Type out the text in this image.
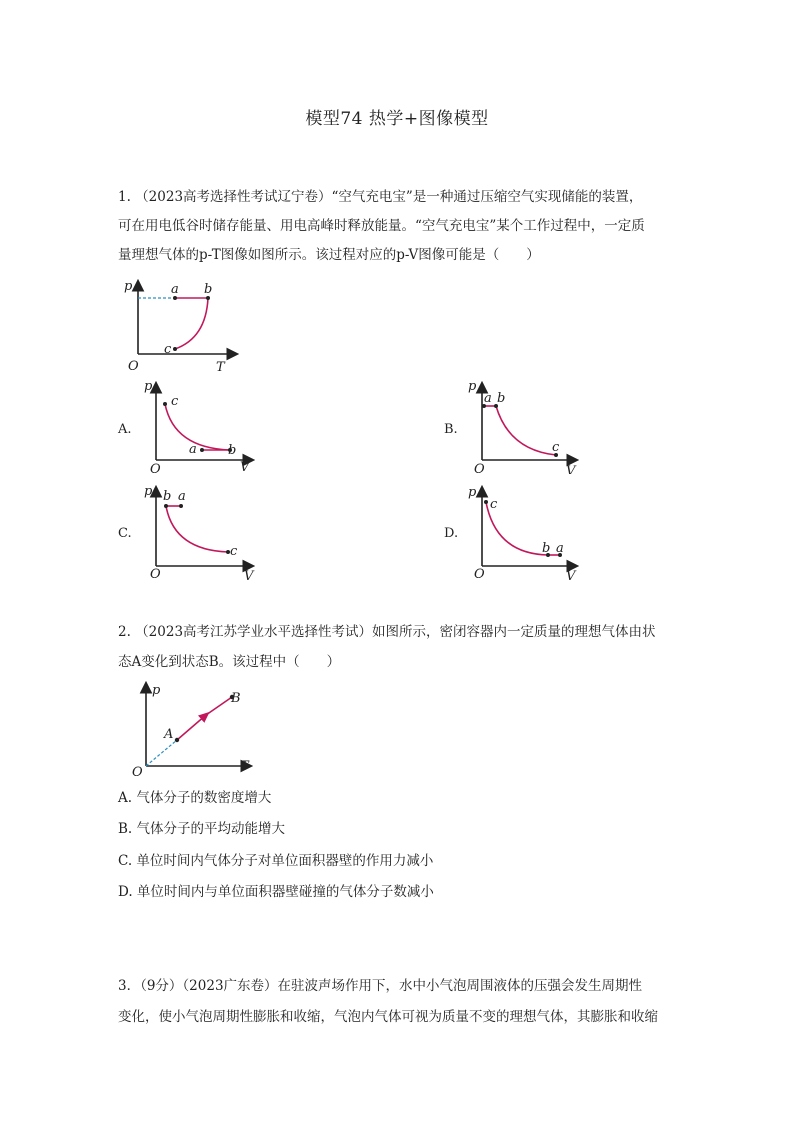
模型74 热学+图像模型
1. （2023高考选择性考试辽宁卷）“空气充电宝”是一种通过压缩空气实现储能的装置，
可在用电低谷时储存能量、用电高峰时释放能量。“空气充电宝”某个工作过程中，一定质
量理想气体的p-T图像如图所示。该过程对应的p-V图像可能是（　　）
p
T
O
a b
c
A.
p
V
O
c
a b
B.
p
V
O
a b
c
C.
p
V
O
b a
c
D.
p
V
O
c
b a
2. （2023高考江苏学业水平选择性考试）如图所示，密闭容器内一定质量的理想气体由状
态A变化到状态B。该过程中（　　）
p
T
O
A
B
A. 气体分子的数密度增大
B. 气体分子的平均动能增大
C. 单位时间内气体分子对单位面积器壁的作用力减小
D. 单位时间内与单位面积器壁碰撞的气体分子数减小
3．（9分）（2023广东卷）在驻波声场作用下，水中小气泡周围液体的压强会发生周期性
变化，使小气泡周期性膨胀和收缩，气泡内气体可视为质量不变的理想气体，其膨胀和收缩
